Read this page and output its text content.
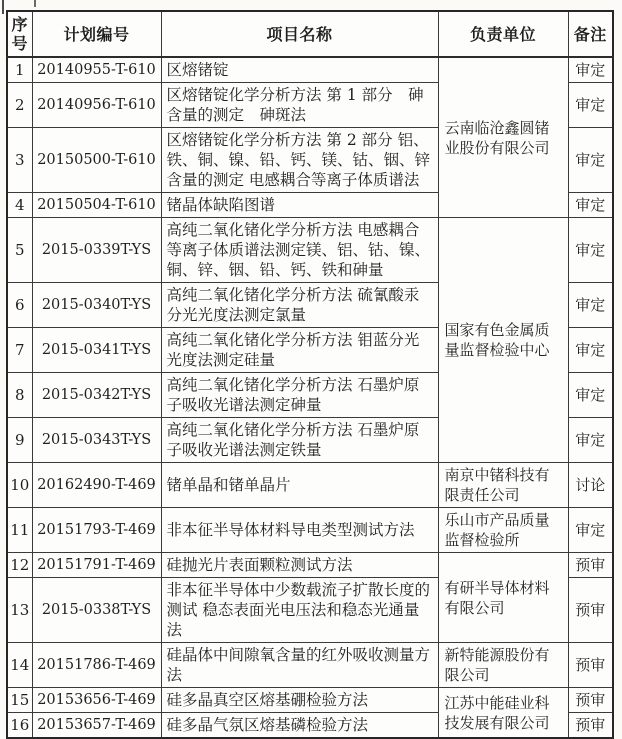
序号	计划编号	项目名称	负责单位	备注
1	20140955-T-610	区熔锗锭	云南临沧鑫圆锗业股份有限公司	审定
2	20140956-T-610	区熔锗锭化学分析方法 第 1 部分　砷含量的测定　砷斑法		审定
3	20150500-T-610	区熔锗锭化学分析方法 第 2 部分 铝、铁、铜、镍、铅、钙、镁、钴、铟、锌含量的测定 电感耦合等离子体质谱法		审定
4	20150504-T-610	锗晶体缺陷图谱		审定
5	2015-0339T-YS	高纯二氧化锗化学分析方法 电感耦合等离子体质谱法测定镁、铝、钴、镍、铜、锌、铟、铅、钙、铁和砷量	国家有色金属质量监督检验中心	审定
6	2015-0340T-YS	高纯二氧化锗化学分析方法 硫氰酸汞分光光度法测定氯量		审定
7	2015-0341T-YS	高纯二氧化锗化学分析方法 钼蓝分光光度法测定硅量		审定
8	2015-0342T-YS	高纯二氧化锗化学分析方法 石墨炉原子吸收光谱法测定砷量		审定
9	2015-0343T-YS	高纯二氧化锗化学分析方法 石墨炉原子吸收光谱法测定铁量		审定
10	20162490-T-469	锗单晶和锗单晶片	南京中锗科技有限责任公司	讨论
11	20151793-T-469	非本征半导体材料导电类型测试方法	乐山市产品质量监督检验所	审定
12	20151791-T-469	硅抛光片表面颗粒测试方法	有研半导体材料有限公司	预审
13	2015-0338T-YS	非本征半导体中少数载流子扩散长度的测试 稳态表面光电压法和稳态光通量法		预审
14	20151786-T-469	硅晶体中间隙氧含量的红外吸收测量方法	新特能源股份有限公司	预审
15	20153656-T-469	硅多晶真空区熔基硼检验方法	江苏中能硅业科技发展有限公司	预审
16	20153657-T-469	硅多晶气氛区熔基磷检验方法		预审
